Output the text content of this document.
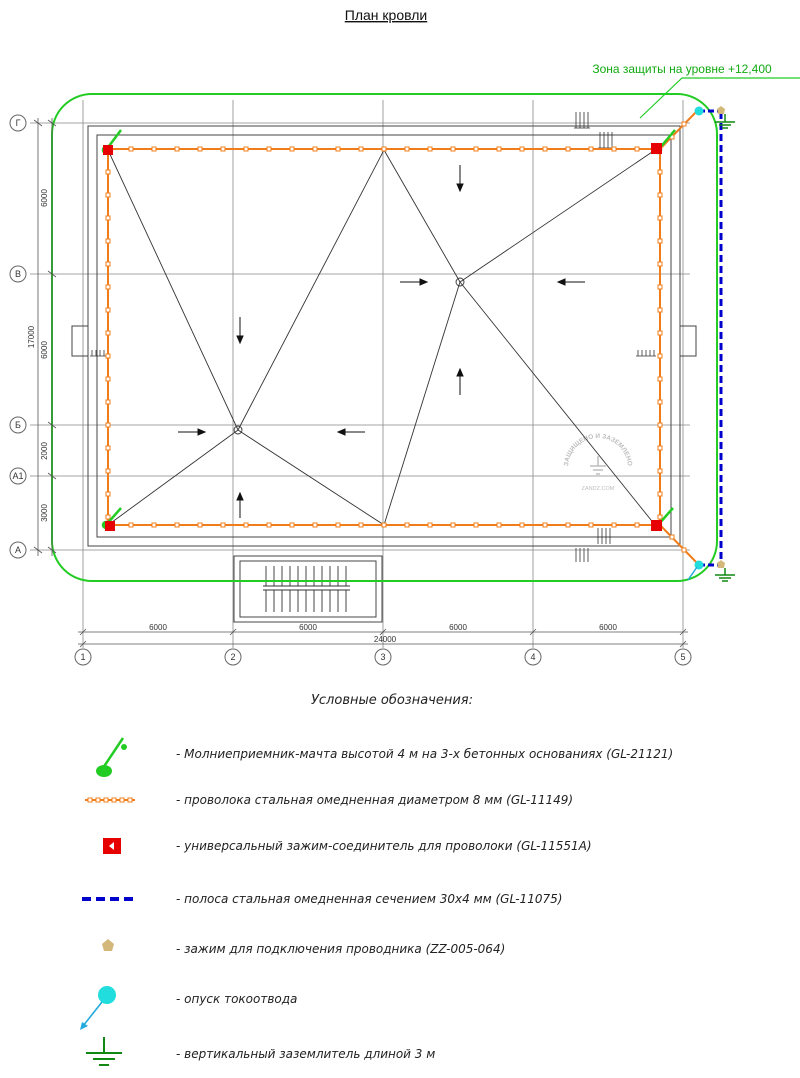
План кровли
Зона защиты на уровне +12,400
Г
В
Б
А1
А
1	2	3	4	5
6000
6000
2000
3000
17000
6000	6000	6000	6000
24000
ЗАЩИЩЕНО И ЗАЗЕМЛЕНО
ZANDZ.COM
Условные обозначения:
- Молниеприемник-мачта высотой 4 м на 3-х бетонных основаниях (GL-21121)
- проволока стальная омедненная диаметром 8 мм (GL-11149)
- универсальный зажим-соединитель для проволоки (GL-11551A)
- полоса стальная омедненная сечением 30х4 мм (GL-11075)
- зажим для подключения проводника (ZZ-005-064)
- опуск токоотвода
- вертикальный заземлитель длиной 3 м
